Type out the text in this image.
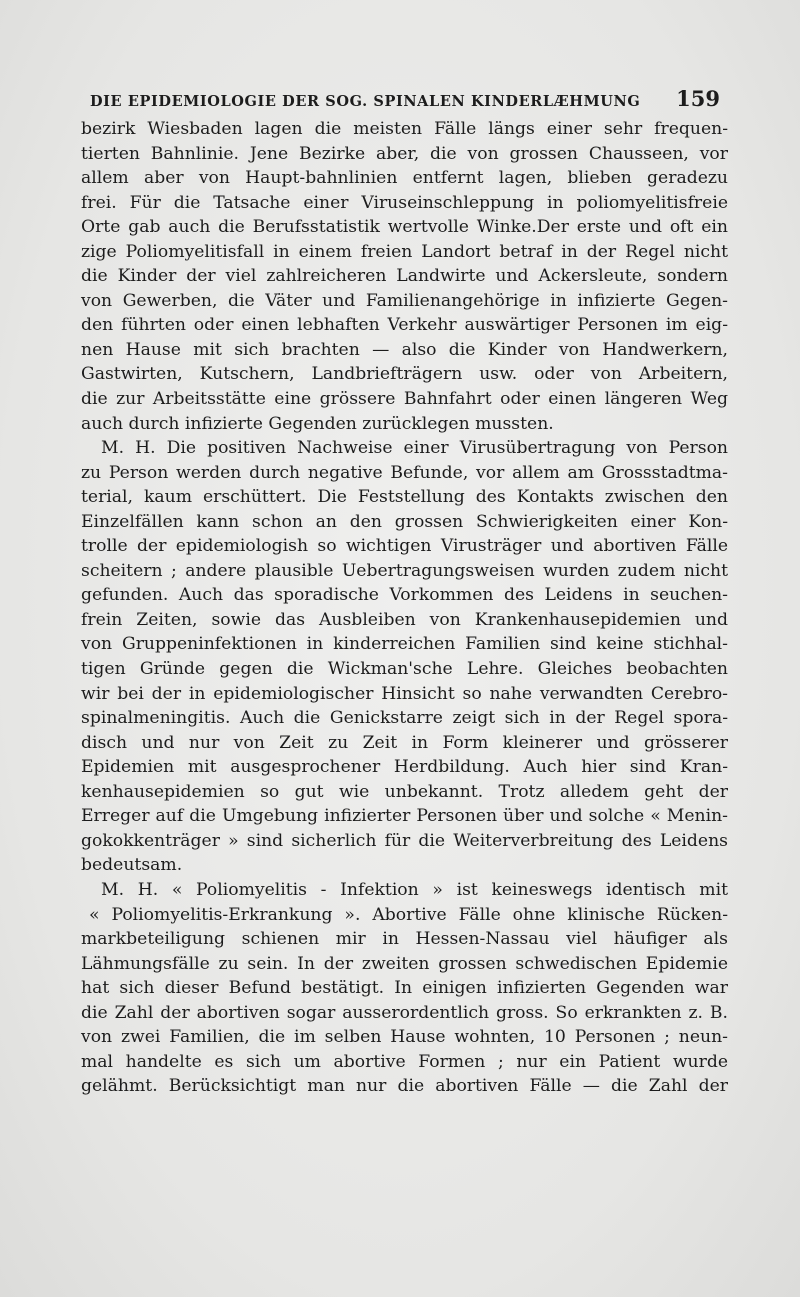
DIE EPIDEMIOLOGIE DER SOG. SPINALEN KINDERLÆHMUNG 159
bezirk Wiesbaden lagen die meisten Fälle längs einer sehr frequen-
tierten Bahnlinie. Jene Bezirke aber, die von grossen Chausseen, vor
allem aber von Haupt-bahnlinien entfernt lagen, blieben geradezu
frei. Für die Tatsache einer Viruseinschleppung in poliomyelitisfreie
Orte gab auch die Berufsstatistik wertvolle Winke.Der erste und oft ein
zige Poliomyelitisfall in einem freien Landort betraf in der Regel nicht
die Kinder der viel zahlreicheren Landwirte und Ackersleute, sondern
von Gewerben, die Väter und Familienangehörige in infizierte Gegen-
den führten oder einen lebhaften Verkehr auswärtiger Personen im eig-
nen Hause mit sich brachten — also die Kinder von Handwerkern,
Gastwirten, Kutschern, Landbriefträgern usw. oder von Arbeitern,
die zur Arbeitsstätte eine grössere Bahnfahrt oder einen längeren Weg
auch durch infizierte Gegenden zurücklegen mussten.
M. H. Die positiven Nachweise einer Virusübertragung von Person
zu Person werden durch negative Befunde, vor allem am Grossstadtma-
terial, kaum erschüttert. Die Feststellung des Kontakts zwischen den
Einzelfällen kann schon an den grossen Schwierigkeiten einer Kon-
trolle der epidemiologish so wichtigen Virusträger und abortiven Fälle
scheitern ; andere plausible Uebertragungsweisen wurden zudem nicht
gefunden. Auch das sporadische Vorkommen des Leidens in seuchen-
frein Zeiten, sowie das Ausbleiben von Krankenhausepidemien und
von Gruppeninfektionen in kinderreichen Familien sind keine stichhal-
tigen Gründe gegen die Wickman'sche Lehre. Gleiches beobachten
wir bei der in epidemiologischer Hinsicht so nahe verwandten Cerebro-
spinalmeningitis. Auch die Genickstarre zeigt sich in der Regel spora-
disch und nur von Zeit zu Zeit in Form kleinerer und grösserer
Epidemien mit ausgesprochener Herdbildung. Auch hier sind Kran-
kenhausepidemien so gut wie unbekannt. Trotz alledem geht der
Erreger auf die Umgebung infizierter Personen über und solche « Menin-
gokokkenträger » sind sicherlich für die Weiterverbreitung des Leidens
bedeutsam.
M. H. « Poliomyelitis - Infektion » ist keineswegs identisch mit
« Poliomyelitis-Erkrankung ». Abortive Fälle ohne klinische Rücken-
markbeteiligung schienen mir in Hessen-Nassau viel häufiger als
Lähmungsfälle zu sein. In der zweiten grossen schwedischen Epidemie
hat sich dieser Befund bestätigt. In einigen infizierten Gegenden war
die Zahl der abortiven sogar ausserordentlich gross. So erkrankten z. B.
von zwei Familien, die im selben Hause wohnten, 10 Personen ; neun-
mal handelte es sich um abortive Formen ; nur ein Patient wurde
gelähmt. Berücksichtigt man nur die abortiven Fälle — die Zahl der
